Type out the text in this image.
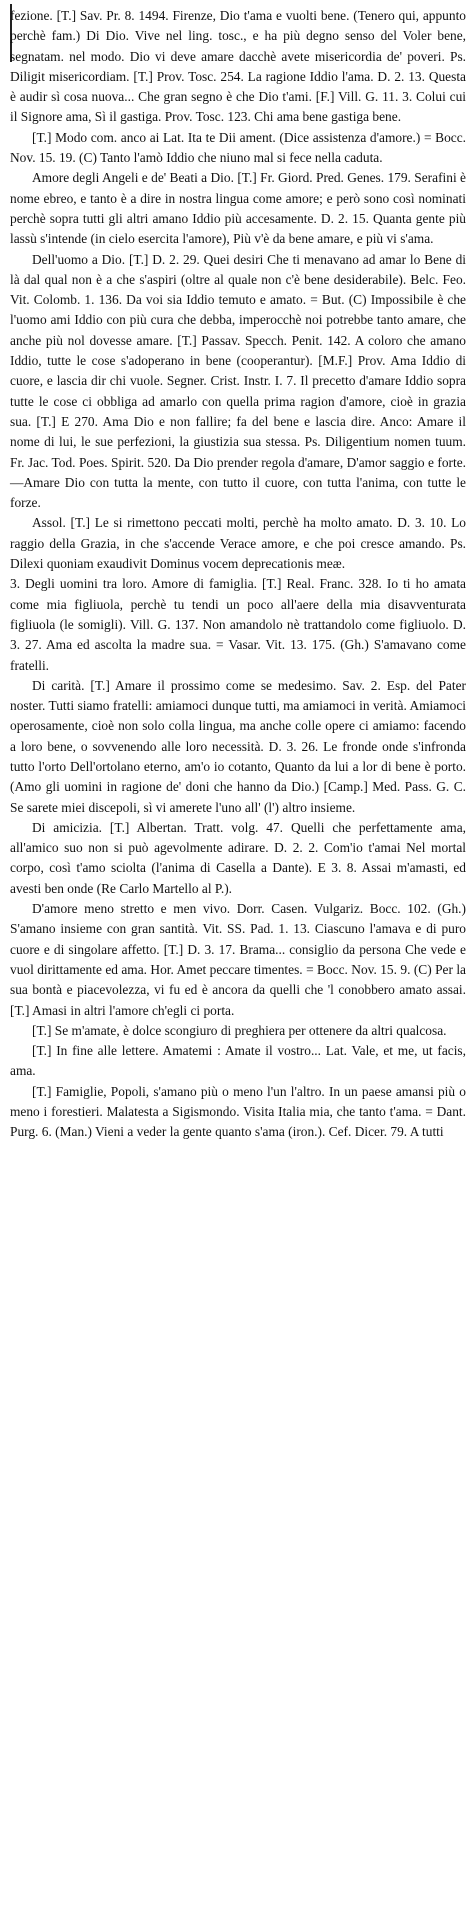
fezione. [T.] Sav. Pr. 8. 1494. Firenze, Dio t'ama e vuolti bene. (Tenero qui, appunto perchè fam.) Di Dio. Vive nel ling. tosc., e ha più degno senso del Voler bene, segnatam. nel modo. Dio vi deve amare dacchè avete misericordia de' poveri. Ps. Diligit misericordiam. [T.] Prov. Tosc. 254. La ragione Iddio l'ama. D. 2. 13. Questa è audir sì cosa nuova... Che gran segno è che Dio t'ami. [F.] Vill. G. 11. 3. Colui cui il Signore ama, Sì il gastiga. Prov. Tosc. 123. Chi ama bene gastiga bene.

[T.] Modo com. anco ai Lat. Ita te Dii ament. (Dice assistenza d'amore.) = Bocc. Nov. 15. 19. (C) Tanto l'amò Iddio che niuno mal si fece nella caduta.

Amore degli Angeli e de' Beati a Dio. [T.] Fr. Giord. Pred. Genes. 179. Serafini è nome ebreo, e tanto è a dire in nostra lingua come amore; e però sono così nominati perchè sopra tutti gli altri amano Iddio più accesamente. D. 2. 15. Quanta gente più lassù s'intende (in cielo esercita l'amore), Più v'è da bene amare, e più vi s'ama.

Dell'uomo a Dio. [T.] D. 2. 29. Quei desiri Che ti menavano ad amar lo Bene di là dal qual non è a che s'aspiri (oltre al quale non c'è bene desiderabile). Belc. Feo. Vit. Colomb. 1. 136. Da voi sia Iddio temuto e amato. = But. (C) Impossibile è che l'uomo ami Iddio con più cura che debba, imperocchè noi potrebbe tanto amare, che anche più nol dovesse amare. [T.] Passav. Specch. Penit. 142. A coloro che amano Iddio, tutte le cose s'adoperano in bene (cooperantur). [M.F.] Prov. Ama Iddio di cuore, e lascia dir chi vuole. Segner. Crist. Instr. I. 7. Il precetto d'amare Iddio sopra tutte le cose ci obbliga ad amarlo con quella prima ragion d'amore, cioè in grazia sua. [T.] E 270. Ama Dio e non fallire; fa del bene e lascia dire. Anco: Amare il nome di lui, le sue perfezioni, la giustizia sua stessa. Ps. Diligentium nomen tuum. Fr. Jac. Tod. Poes. Spirit. 520. Da Dio prender regola d'amare, D'amor saggio e forte. —Amare Dio con tutta la mente, con tutto il cuore, con tutta l'anima, con tutte le forze.

Assol. [T.] Le si rimettono peccati molti, perchè ha molto amato. D. 3. 10. Lo raggio della Grazia, in che s'accende Verace amore, e che poi cresce amando. Ps. Dilexi quoniam exaudivit Dominus vocem deprecationis meæ.

3. Degli uomini tra loro. Amore di famiglia. [T.] Real. Franc. 328. Io ti ho amata come mia figliuola, perchè tu tendi un poco all'aere della mia disavventurata figliuola (le somigli). Vill. G. 137. Non amandolo nè trattandolo come figliuolo. D. 3. 27. Ama ed ascolta la madre sua. = Vasar. Vit. 13. 175. (Gh.) S'amavano come fratelli.

Di carità. [T.] Amare il prossimo come se medesimo. Sav. 2. Esp. del Pater noster. Tutti siamo fratelli: amiamoci dunque tutti, ma amiamoci in verità. Amiamoci operosamente, cioè non solo colla lingua, ma anche colle opere ci amiamo: facendo a loro bene, o sovvenendo alle loro necessità. D. 3. 26. Le fronde onde s'infronda tutto l'orto Dell'ortolano eterno, am'o io cotanto, Quanto da lui a lor di bene è porto. (Amo gli uomini in ragione de' doni che hanno da Dio.) [Camp.] Med. Pass. G. C. Se sarete miei discepoli, sì vi amerete l'uno all' (l') altro insieme.

Di amicizia. [T.] Albertan. Tratt. volg. 47. Quelli che perfettamente ama, all'amico suo non si può agevolmente adirare. D. 2. 2. Com'io t'amai Nel mortal corpo, così t'amo sciolta (l'anima di Casella a Dante). E 3. 8. Assai m'amasti, ed avesti ben onde (Re Carlo Martello al P.).

D'amore meno stretto e men vivo. Dorr. Casen. Vulgariz. Bocc. 102. (Gh.) S'amano insieme con gran santità. Vit. SS. Pad. 1. 13. Ciascuno l'amava e di puro cuore e di singolare affetto. [T.] D. 3. 17. Brama... consiglio da persona Che vede e vuol dirittamente ed ama. Hor. Amet peccare timentes. = Bocc. Nov. 15. 9. (C) Per la sua bontà e piacevolezza, vi fu ed è ancora da quelli che 'l conobbero amato assai. [T.] Amasi in altri l'amore ch'egli ci porta.

[T.] Se m'amate, è dolce scongiuro di preghiera per ottenere da altri qualcosa.

[T.] In fine alle lettere. Amatemi : Amate il vostro... Lat. Vale, et me, ut facis, ama.

[T.] Famiglie, Popoli, s'amano più o meno l'un l'altro. In un paese amansi più o meno i forestieri. Malatesta a Sigismondo. Visita Italia mia, che tanto t'ama. = Dant. Purg. 6. (Man.) Vieni a veder la gente quanto s'ama (iron.). Cef. Dicer. 79. A tutti
